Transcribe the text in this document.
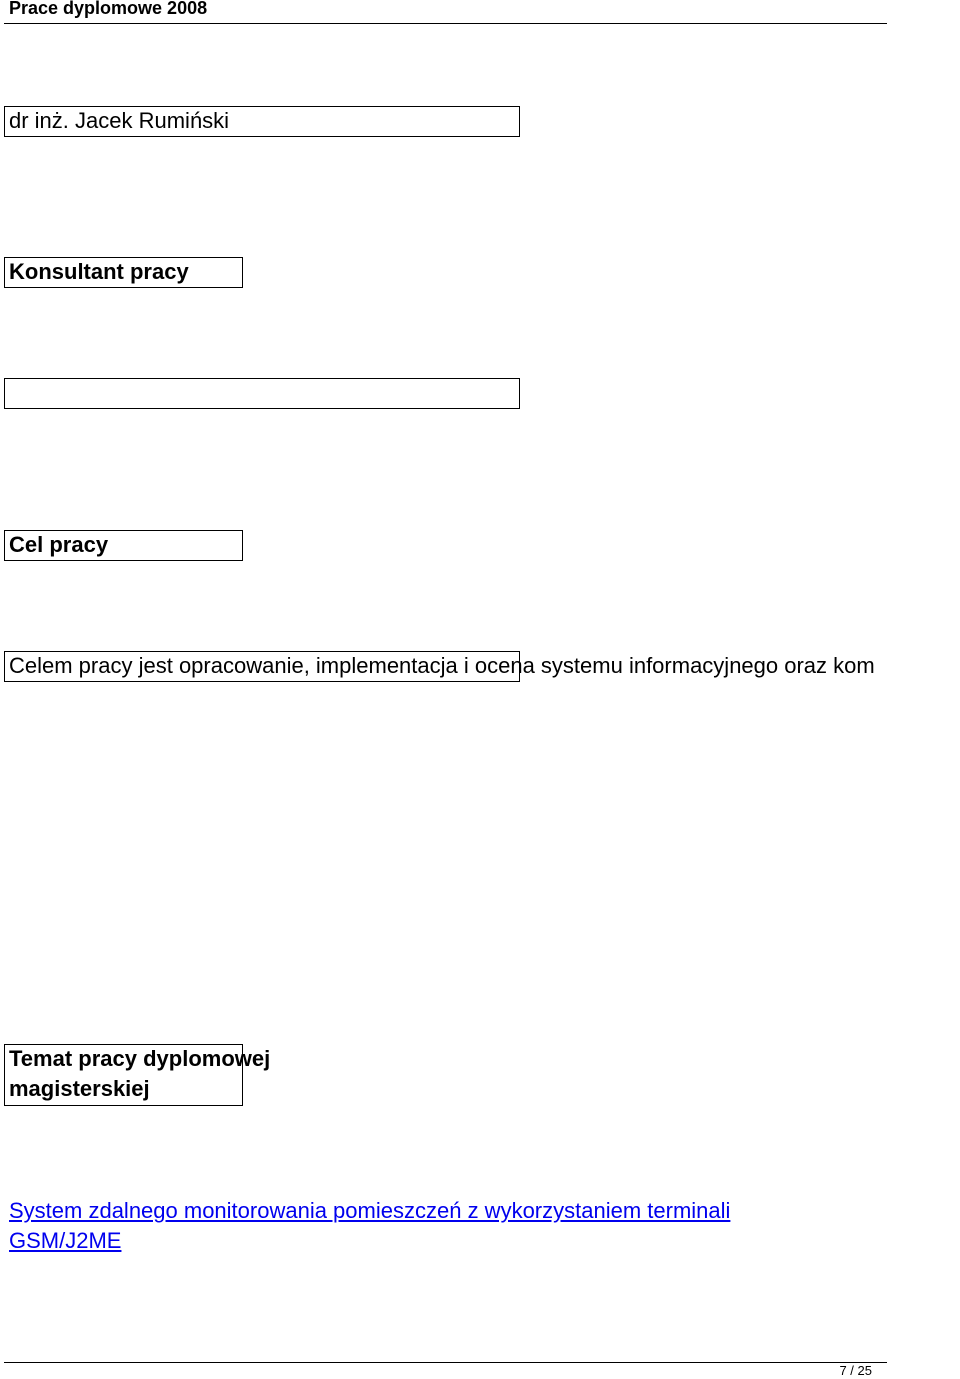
Prace dyplomowe 2008
dr inż. Jacek Rumiński
Konsultant pracy
Cel pracy
Celem pracy jest opracowanie, implementacja i ocena systemu informacyjnego oraz kom
Temat pracy dyplomowej
magisterskiej
System zdalnego monitorowania pomieszczeń z wykorzystaniem terminali
GSM/J2ME
7 / 25
